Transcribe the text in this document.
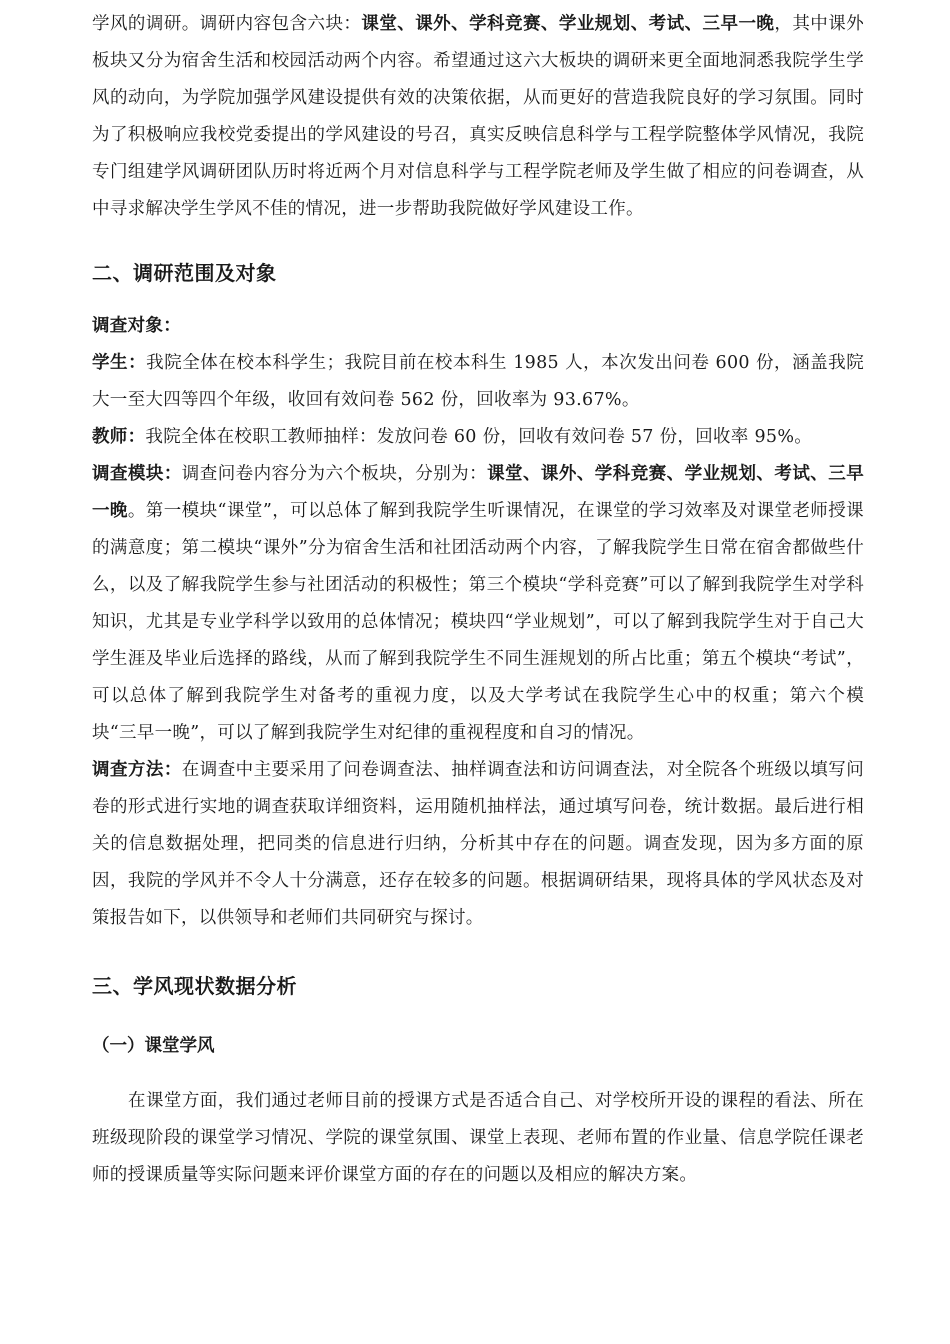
学风的调研。调研内容包含六块：课堂、课外、学科竞赛、学业规划、考试、三早一晚，其中课外板块又分为宿舍生活和校园活动两个内容。希望通过这六大板块的调研来更全面地洞悉我院学生学风的动向，为学院加强学风建设提供有效的决策依据，从而更好的营造我院良好的学习氛围。同时为了积极响应我校党委提出的学风建设的号召，真实反映信息科学与工程学院整体学风情况，我院专门组建学风调研团队历时将近两个月对信息科学与工程学院老师及学生做了相应的问卷调查，从中寻求解决学生学风不佳的情况，进一步帮助我院做好学风建设工作。

二、调研范围及对象

调查对象：

学生：我院全体在校本科学生；我院目前在校本科生 1985 人，本次发出问卷 600 份，涵盖我院大一至大四等四个年级，收回有效问卷 562 份，回收率为 93.67%。

教师：我院全体在校职工教师抽样：发放问卷 60 份，回收有效问卷 57 份，回收率 95%。

调查模块：调查问卷内容分为六个板块，分别为：课堂、课外、学科竞赛、学业规划、考试、三早一晚。第一模块“课堂”，可以总体了解到我院学生听课情况，在课堂的学习效率及对课堂老师授课的满意度；第二模块“课外”分为宿舍生活和社团活动两个内容，了解我院学生日常在宿舍都做些什么，以及了解我院学生参与社团活动的积极性；第三个模块“学科竞赛”可以了解到我院学生对学科知识，尤其是专业学科学以致用的总体情况；模块四“学业规划”，可以了解到我院学生对于自己大学生涯及毕业后选择的路线，从而了解到我院学生不同生涯规划的所占比重；第五个模块“考试”，可以总体了解到我院学生对备考的重视力度，以及大学考试在我院学生心中的权重；第六个模块“三早一晚”，可以了解到我院学生对纪律的重视程度和自习的情况。

调查方法：在调查中主要采用了问卷调查法、抽样调查法和访问调查法，对全院各个班级以填写问卷的形式进行实地的调查获取详细资料，运用随机抽样法，通过填写问卷，统计数据。最后进行相关的信息数据处理，把同类的信息进行归纳，分析其中存在的问题。调查发现，因为多方面的原因，我院的学风并不令人十分满意，还存在较多的问题。根据调研结果，现将具体的学风状态及对策报告如下，以供领导和老师们共同研究与探讨。

三、学风现状数据分析
（一）课堂学风

在课堂方面，我们通过老师目前的授课方式是否适合自己、对学校所开设的课程的看法、所在班级现阶段的课堂学习情况、学院的课堂氛围、课堂上表现、老师布置的作业量、信息学院任课老师的授课质量等实际问题来评价课堂方面的存在的问题以及相应的解决方案。
